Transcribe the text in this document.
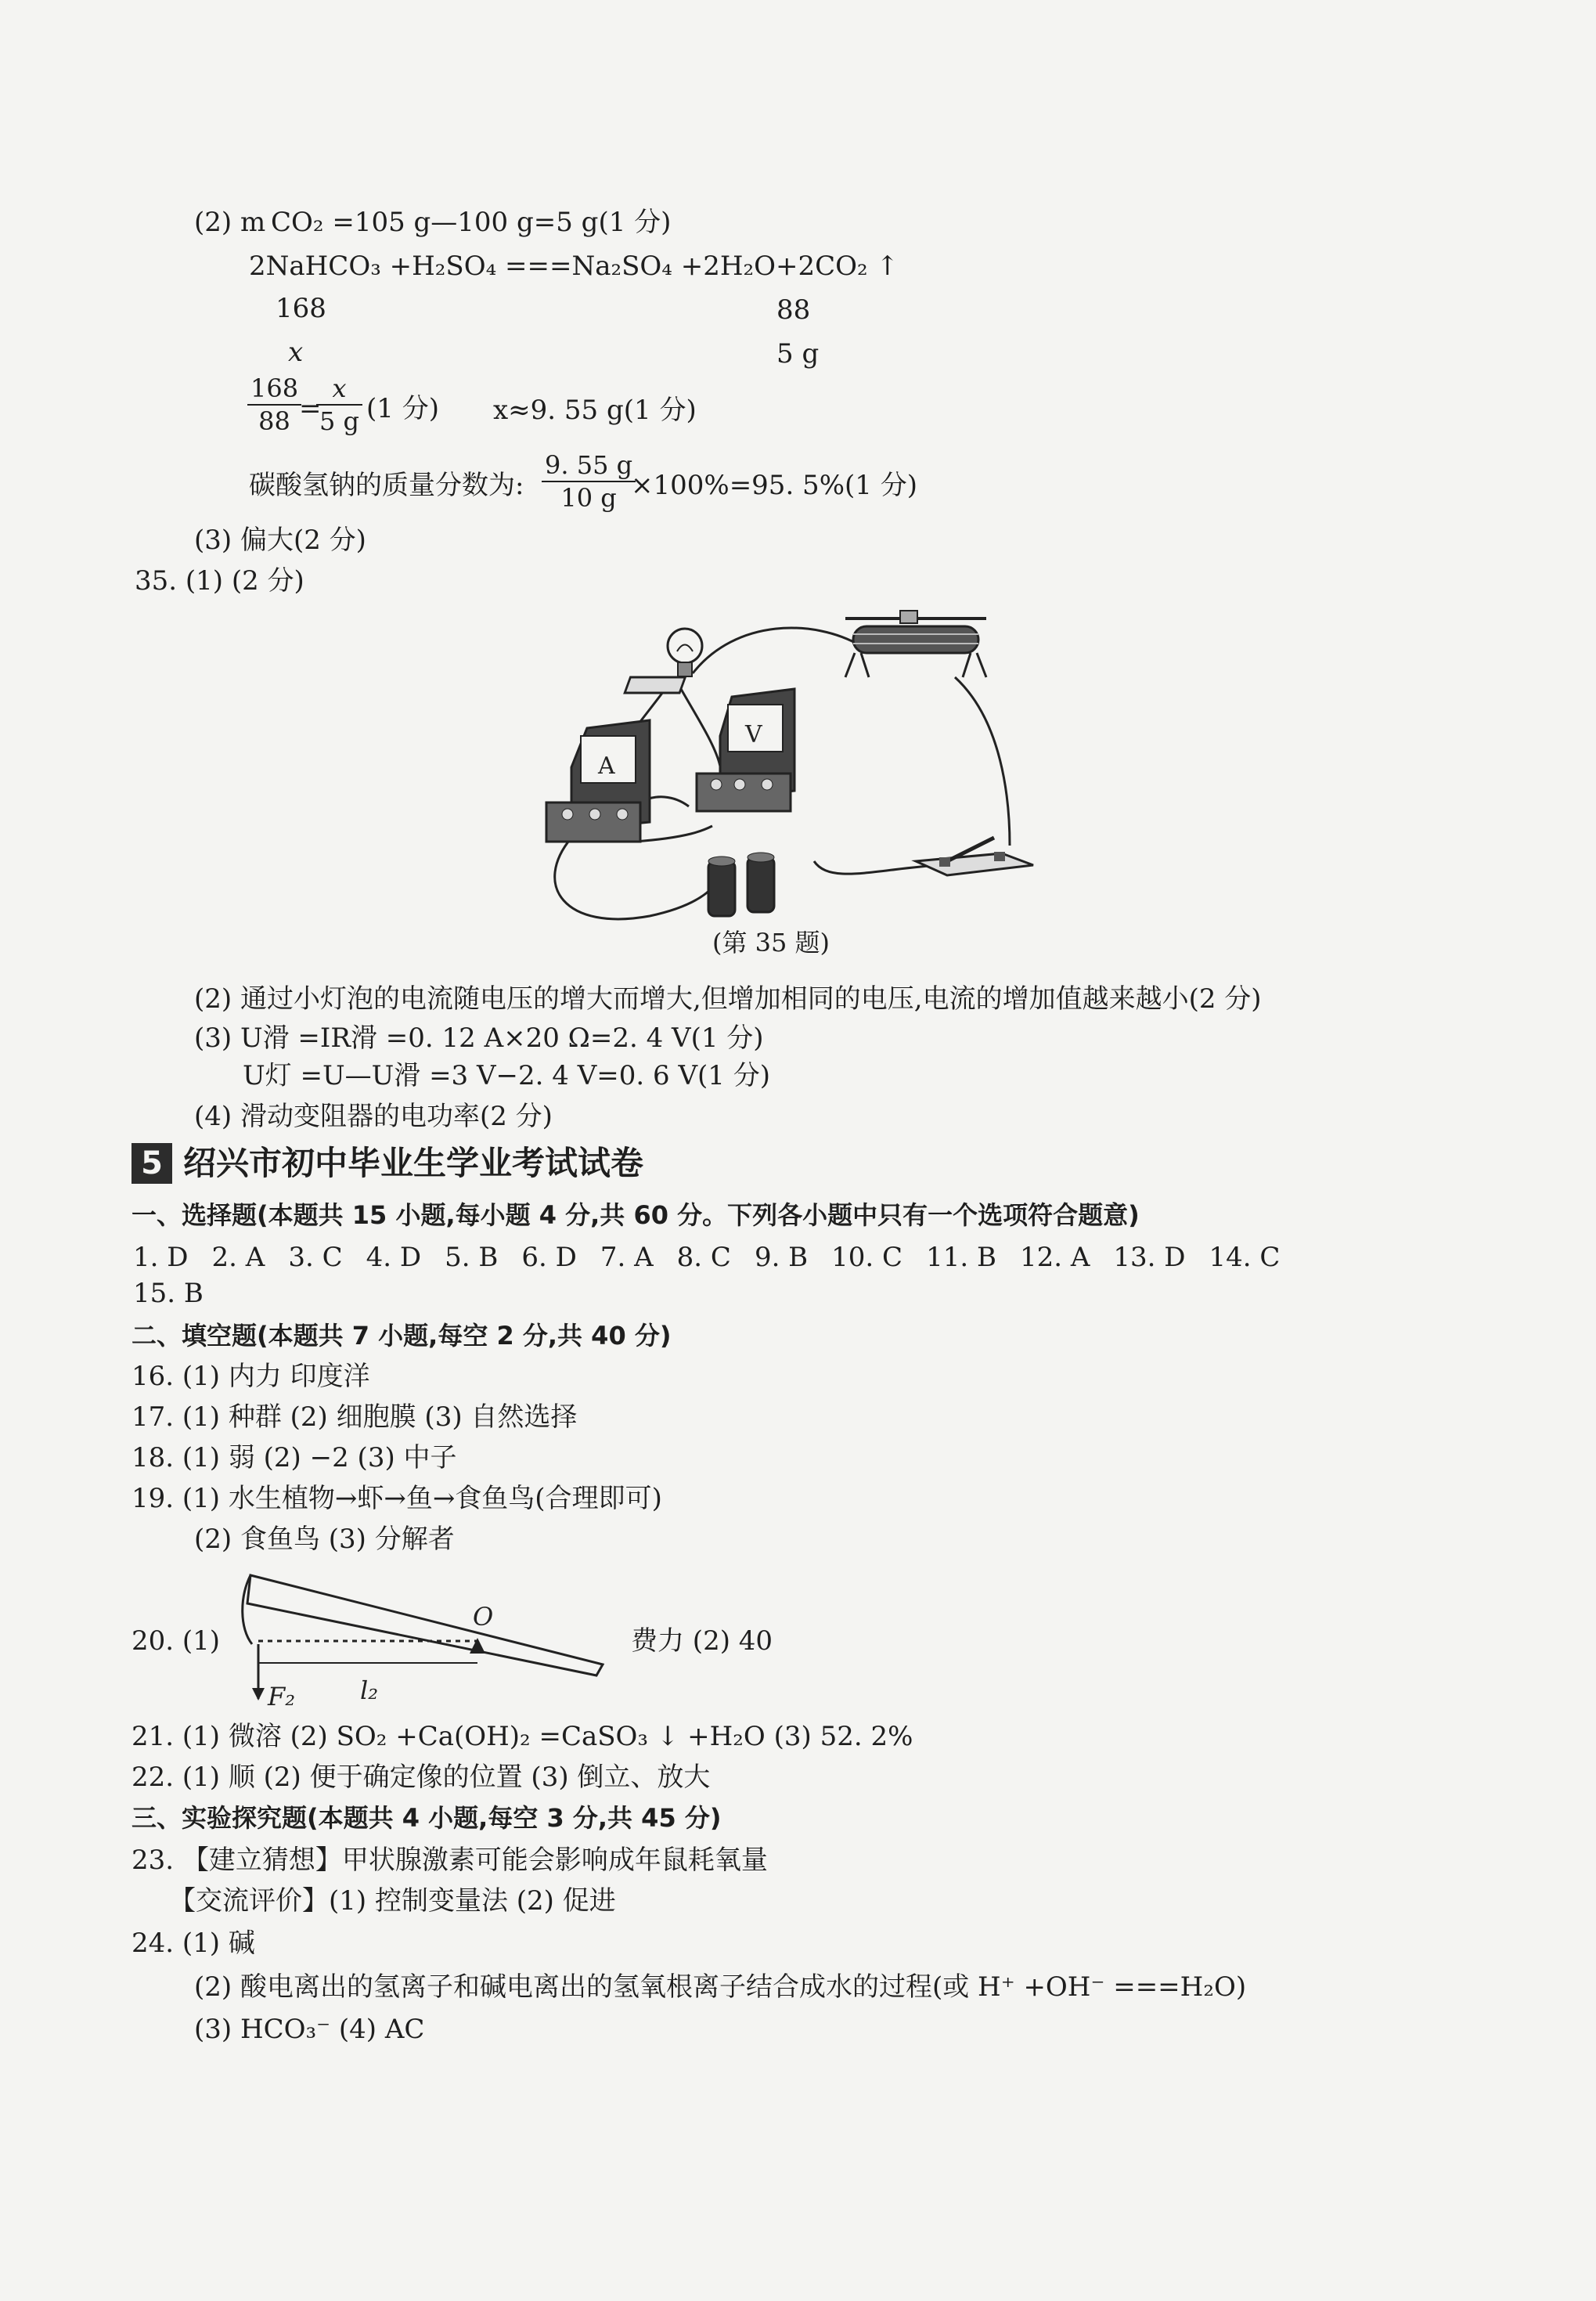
(2) m CO₂ =105 g—100 g=5 g(1 分)
2NaHCO₃ +H₂SO₄ ===Na₂SO₄ +2H₂O+2CO₂ ↑
168	88
x	5 g
$\frac{168}{88}$
=
$\frac{x}{5 g} (1$ 分) x≈9. 55 g(1 分)
碳酸氢钠的质量分数为: $\frac{9. 55 g}{10 g}$
×100%=95. 5%(1 分)
(3) 偏大(2 分)
35. (1) (2 分)
A
V
(第 35 题)
(2) 通过小灯泡的电流随电压的增大而增大,但增加相同的电压,电流的增加值越来越小(2 分)
(3) U滑 =IR滑 =0. 12 A×20 Ω=2. 4 V(1 分)
U灯 =U—U滑 =3 V−2. 4 V=0. 6 V(1 分)
(4) 滑动变阻器的电功率(2 分)
5 绍兴市初中毕业生学业考试试卷
一、选择题(本题共 15 小题,每小题 4 分,共 60 分。下列各小题中只有一个选项符合题意)
1. D 2. A 3. C 4. D 5. B 6. D 7. A 8. C 9. B 10. C 11. B 12. A 13. D 14. C
15. B
二、填空题(本题共 7 小题,每空 2 分,共 40 分)
16. (1) 内力 印度洋
17. (1) 种群 (2) 细胞膜 (3) 自然选择
18. (1) 弱 (2) −2 (3) 中子
19. (1) 水生植物→虾→鱼→食鱼鸟(合理即可)
(2) 食鱼鸟 (3) 分解者
20. (1)
O
F₂	l₂
费力 (2) 40
21. (1) 微溶 (2) SO₂ +Ca(OH)₂ =CaSO₃ ↓ +H₂O (3) 52. 2%
22. (1) 顺 (2) 便于确定像的位置 (3) 倒立、放大
三、实验探究题(本题共 4 小题,每空 3 分,共 45 分)
23. 【建立猜想】甲状腺激素可能会影响成年鼠耗氧量
【交流评价】(1) 控制变量法 (2) 促进
24. (1) 碱
(2) 酸电离出的氢离子和碱电离出的氢氧根离子结合成水的过程(或 H⁺ +OH⁻ ===H₂O)
(3) HCO₃⁻ (4) AC
